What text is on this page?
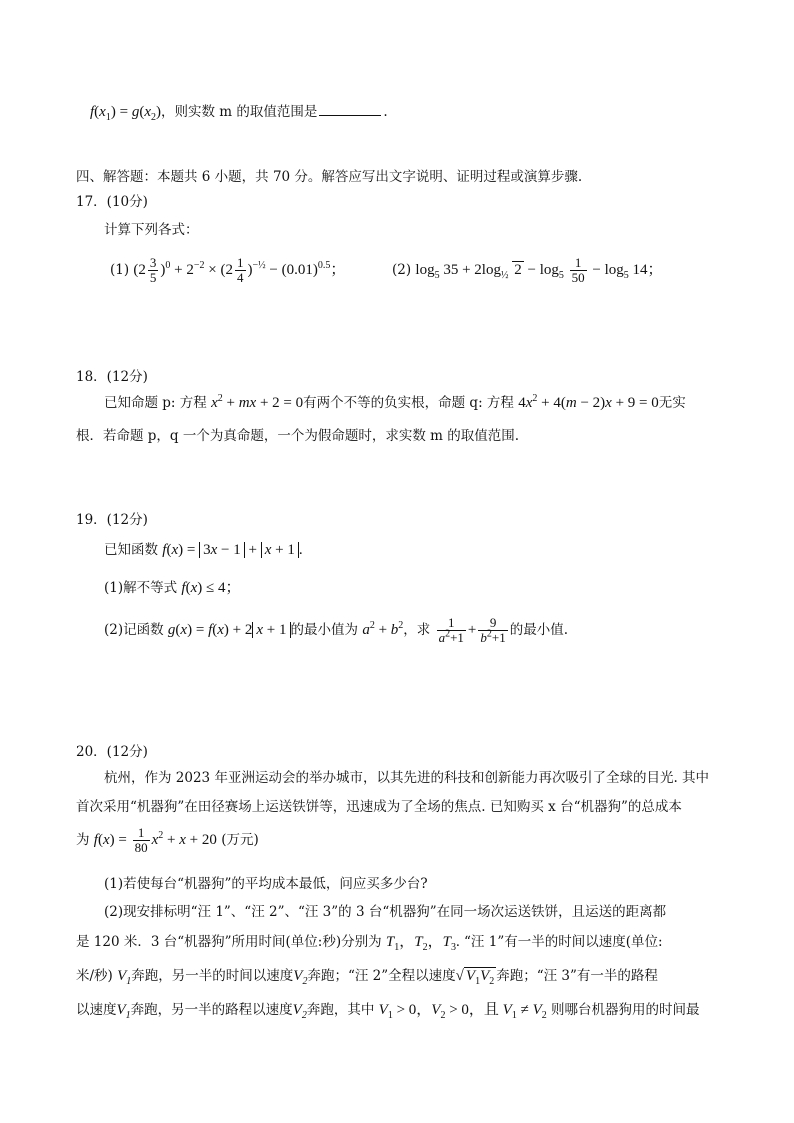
$f(x_1) = g(x_2)$，则实数 m 的取值范围是	.
四、解答题：本题共 6 小题，共 70 分。解答应写出文字说明、证明过程或演算步骤.
17．(10分)
计算下列各式：
(1) $(2 \frac{3}{5} )^0 + 2^{-2} \times (2 \frac{1}{4} )^{-\frac{1}{2}} - (0.01)^{0.5}$；	(2) $\log_5 35 + 2\log_{\frac{1}{2}}$ $2 - \log_5 \frac{1}{50} - \log_5 14$；
18．(12分)
已知命题 p: 方程 $x^2$ + mx + 2 = 0有两个不等的负实根，命题 q: 方程 $4x^2 + 4(m - 2)x + 9 = 0$无实
根．若命题 p，q 一个为真命题，一个为假命题时，求实数 m 的取值范围.
19．(12分)
已知函数 f(x) = 3x − 1 + x + 1 .
(1)解不等式 f(x) ≤ 4；
(2)记函数 g(x) = f(x) + 2 x + 1 的最小值为 $a^2 + b^2$，求 $\frac{1}{a^2+1} + \frac{9}{b^2+1}$ 的最小值.
20．(12分)
杭州，作为 2023 年亚洲运动会的举办城市，以其先进的科技和创新能力再次吸引了全球的目光. 其中
首次采用“机器狗”在田径赛场上运送铁饼等，迅速成为了全场的焦点. 已知购买 x 台“机器狗”的总成本
为 $f(x) = \frac{1}{80} x^2 + x + 20$ (万元)
(1)若使每台“机器狗”的平均成本最低，问应买多少台?
(2)现安排标明“汪 1”、“汪 2”、“汪 3”的 3 台“机器狗”在同一场次运送铁饼，且运送的距离都
是 120 米．3 台“机器狗”所用时间(单位:秒)分别为 $T_1$，$T_2$，$T_3$. “汪 1”有一半的时间以速度(单位:
米/秒) $V_1$奔跑，另一半的时间以速度$V_2$奔跑；“汪 2”全程以速度√ $V_1V_2$ 奔跑；“汪 3”有一半的路程
以速度$V_1$奔跑，另一半的路程以速度$V_2$奔跑，其中 $V_1 > 0$，$V_2 > 0$，且 $V_1 \ne V_2$ 则哪台机器狗用的时间最
